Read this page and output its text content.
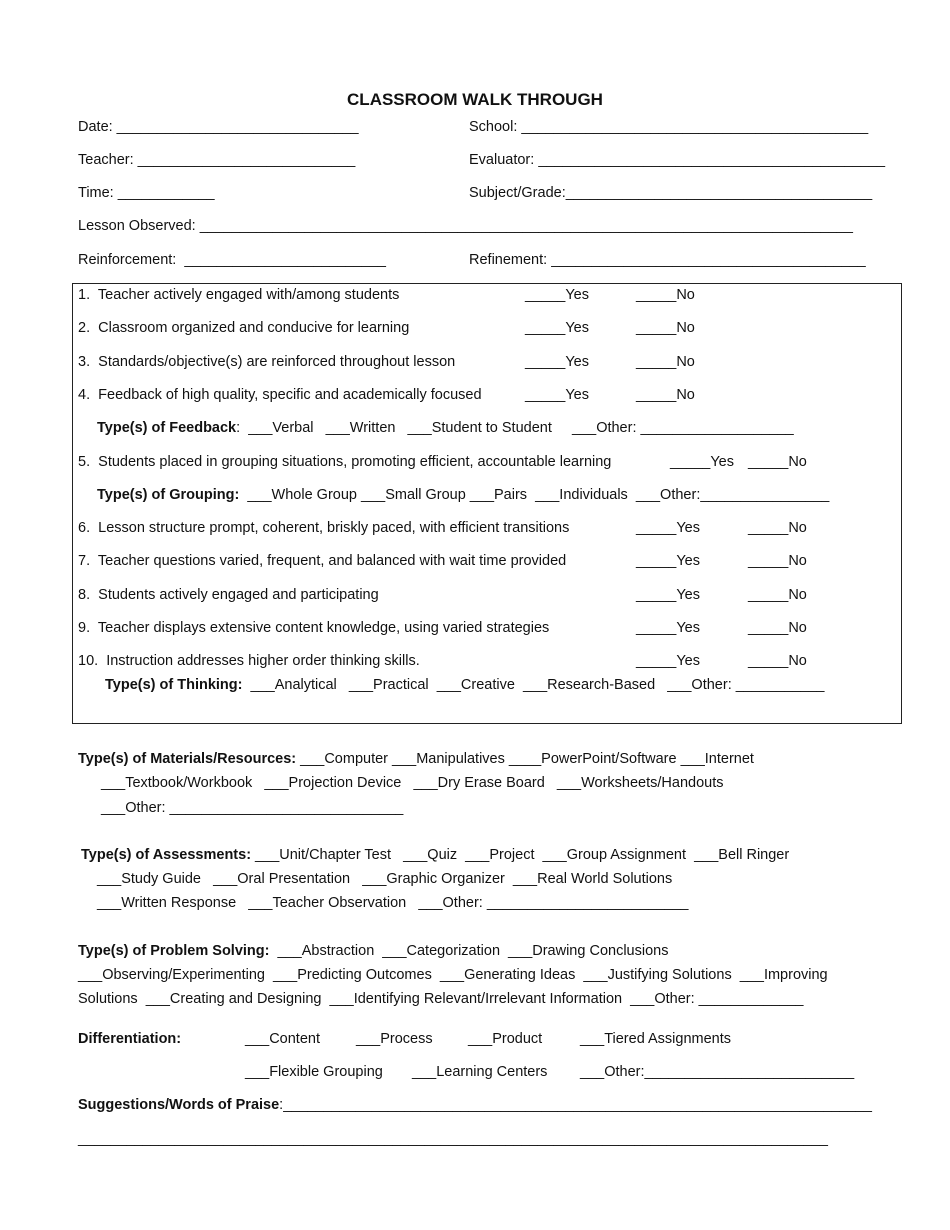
CLASSROOM WALK THROUGH
Date: ______________________________	School: ___________________________________________
Teacher: ___________________________	Evaluator: ___________________________________________
Time: ____________	Subject/Grade:______________________________________
Lesson Observed: _________________________________________________________________________________
Reinforcement:  _________________________	Refinement: _______________________________________
1.  Teacher actively engaged with/among students	_____Yes	_____No
2.  Classroom organized and conducive for learning	_____Yes	_____No
3.  Standards/objective(s) are reinforced throughout lesson	_____Yes	_____No
4.  Feedback of high quality, specific and academically focused	_____Yes	_____No
Type(s) of Feedback:  ___Verbal   ___Written   ___Student to Student     ___Other: ___________________
5.  Students placed in grouping situations, promoting efficient, accountable learning	_____Yes _____No
Type(s) of Grouping:  ___Whole Group ___Small Group ___Pairs  ___Individuals  ___Other:________________
6.  Lesson structure prompt, coherent, briskly paced, with efficient transitions	_____Yes	_____No
7.  Teacher questions varied, frequent, and balanced with wait time provided	_____Yes	_____No
8.  Students actively engaged and participating	_____Yes	_____No
9.  Teacher displays extensive content knowledge, using varied strategies	_____Yes	_____No
10.  Instruction addresses higher order thinking skills.	_____Yes	_____No
Type(s) of Thinking:  ___Analytical   ___Practical  ___Creative  ___Research-Based   ___Other: ___________
Type(s) of Materials/Resources: ___Computer ___Manipulatives ____PowerPoint/Software ___Internet
___Textbook/Workbook   ___Projection Device   ___Dry Erase Board   ___Worksheets/Handouts
___Other: _____________________________
Type(s) of Assessments: ___Unit/Chapter Test   ___Quiz  ___Project  ___Group Assignment  ___Bell Ringer
___Study Guide   ___Oral Presentation   ___Graphic Organizer  ___Real World Solutions
___Written Response   ___Teacher Observation   ___Other: _________________________
Type(s) of Problem Solving:  ___Abstraction  ___Categorization  ___Drawing Conclusions
___Observing/Experimenting  ___Predicting Outcomes  ___Generating Ideas  ___Justifying Solutions  ___Improving
Solutions  ___Creating and Designing  ___Identifying Relevant/Irrelevant Information  ___Other: _____________
Differentiation:	___Content ___Process ___Product	___Tiered Assignments
___Flexible Grouping ___Learning Centers ___Other:__________________________
Suggestions/Words of Praise:_________________________________________________________________________
_____________________________________________________________________________________________
